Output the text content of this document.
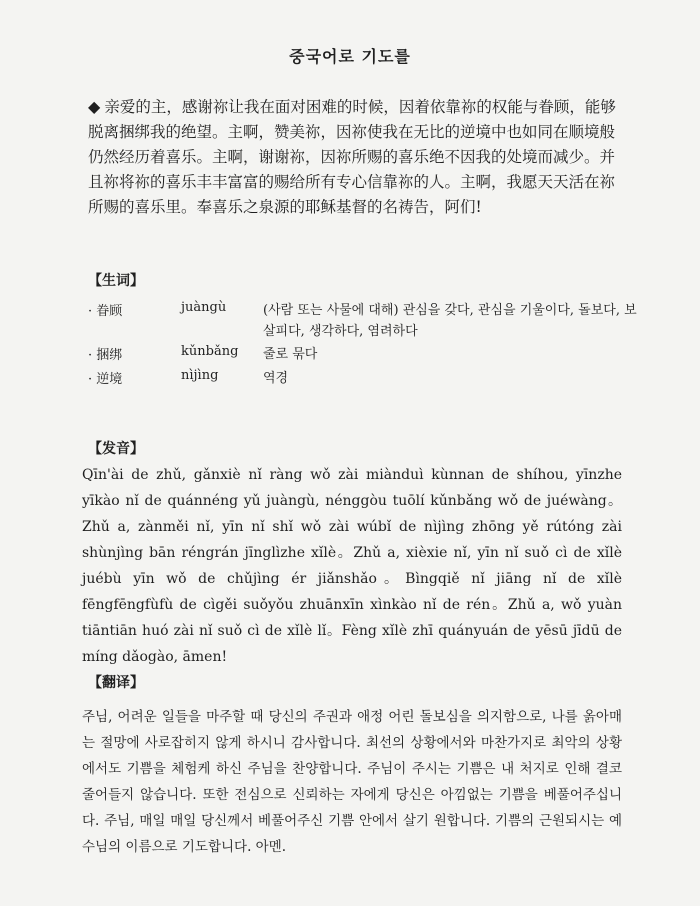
중국어로 기도를
◆ 亲爱的主，感谢祢让我在面对困难的时候，因着依靠祢的权能与眷顾，能够脱离捆绑我的绝望。主啊，赞美祢，因祢使我在无比的逆境中也如同在顺境般仍然经历着喜乐。主啊，谢谢祢，因祢所赐的喜乐绝不因我的处境而减少。并且祢将祢的喜乐丰丰富富的赐给所有专心信靠祢的人。主啊，我愿天天活在祢所赐的喜乐里。奉喜乐之泉源的耶稣基督的名祷告，阿们!
【生词】
· 眷顾	juàngù	(사람 또는 사물에 대해) 관심을 갖다, 관심을 기울이다, 돌보다, 보살피다, 생각하다, 염려하다
· 捆绑	kǔnbǎng 줄로 묶다
· 逆境	nìjìng	역경
【发音】
Qīn'ài de zhǔ, gǎnxiè nǐ ràng wǒ zài miànduì kùnnan de shíhou, yīnzhe yīkào nǐ de quánnéng yǔ juàngù, nénggòu tuōlí kǔnbǎng wǒ de juéwàng。Zhǔ a, zànměi nǐ, yīn nǐ shǐ wǒ zài wúbǐ de nìjìng zhōng yě rútóng zài shùnjìng bān réngrán jīnglìzhe xǐlè。Zhǔ a, xièxie nǐ, yīn nǐ suǒ cì de xǐlè juébù yīn wǒ de chǔjìng ér jiǎnshǎo。Bìngqiě nǐ jiāng nǐ de xǐlè fēngfēngfùfù de cìgěi suǒyǒu zhuānxīn xìnkào nǐ de rén。Zhǔ a, wǒ yuàn tiāntiān huó zài nǐ suǒ cì de xǐlè lǐ。Fèng xǐlè zhī quányuán de yēsū jīdū de míng dǎogào, āmen!
【翻译】
주님, 어려운 일들을 마주할 때 당신의 주권과 애정 어린 돌보심을 의지함으로, 나를 옭아매는 절망에 사로잡히지 않게 하시니 감사합니다. 최선의 상황에서와 마찬가지로 최악의 상황에서도 기쁨을 체험케 하신 주님을 찬양합니다. 주님이 주시는 기쁨은 내 처지로 인해 결코 줄어들지 않습니다. 또한 전심으로 신뢰하는 자에게 당신은 아낌없는 기쁨을 베풀어주십니다. 주님, 매일 매일 당신께서 베풀어주신 기쁨 안에서 살기 원합니다. 기쁨의 근원되시는 예수님의 이름으로 기도합니다. 아멘.
